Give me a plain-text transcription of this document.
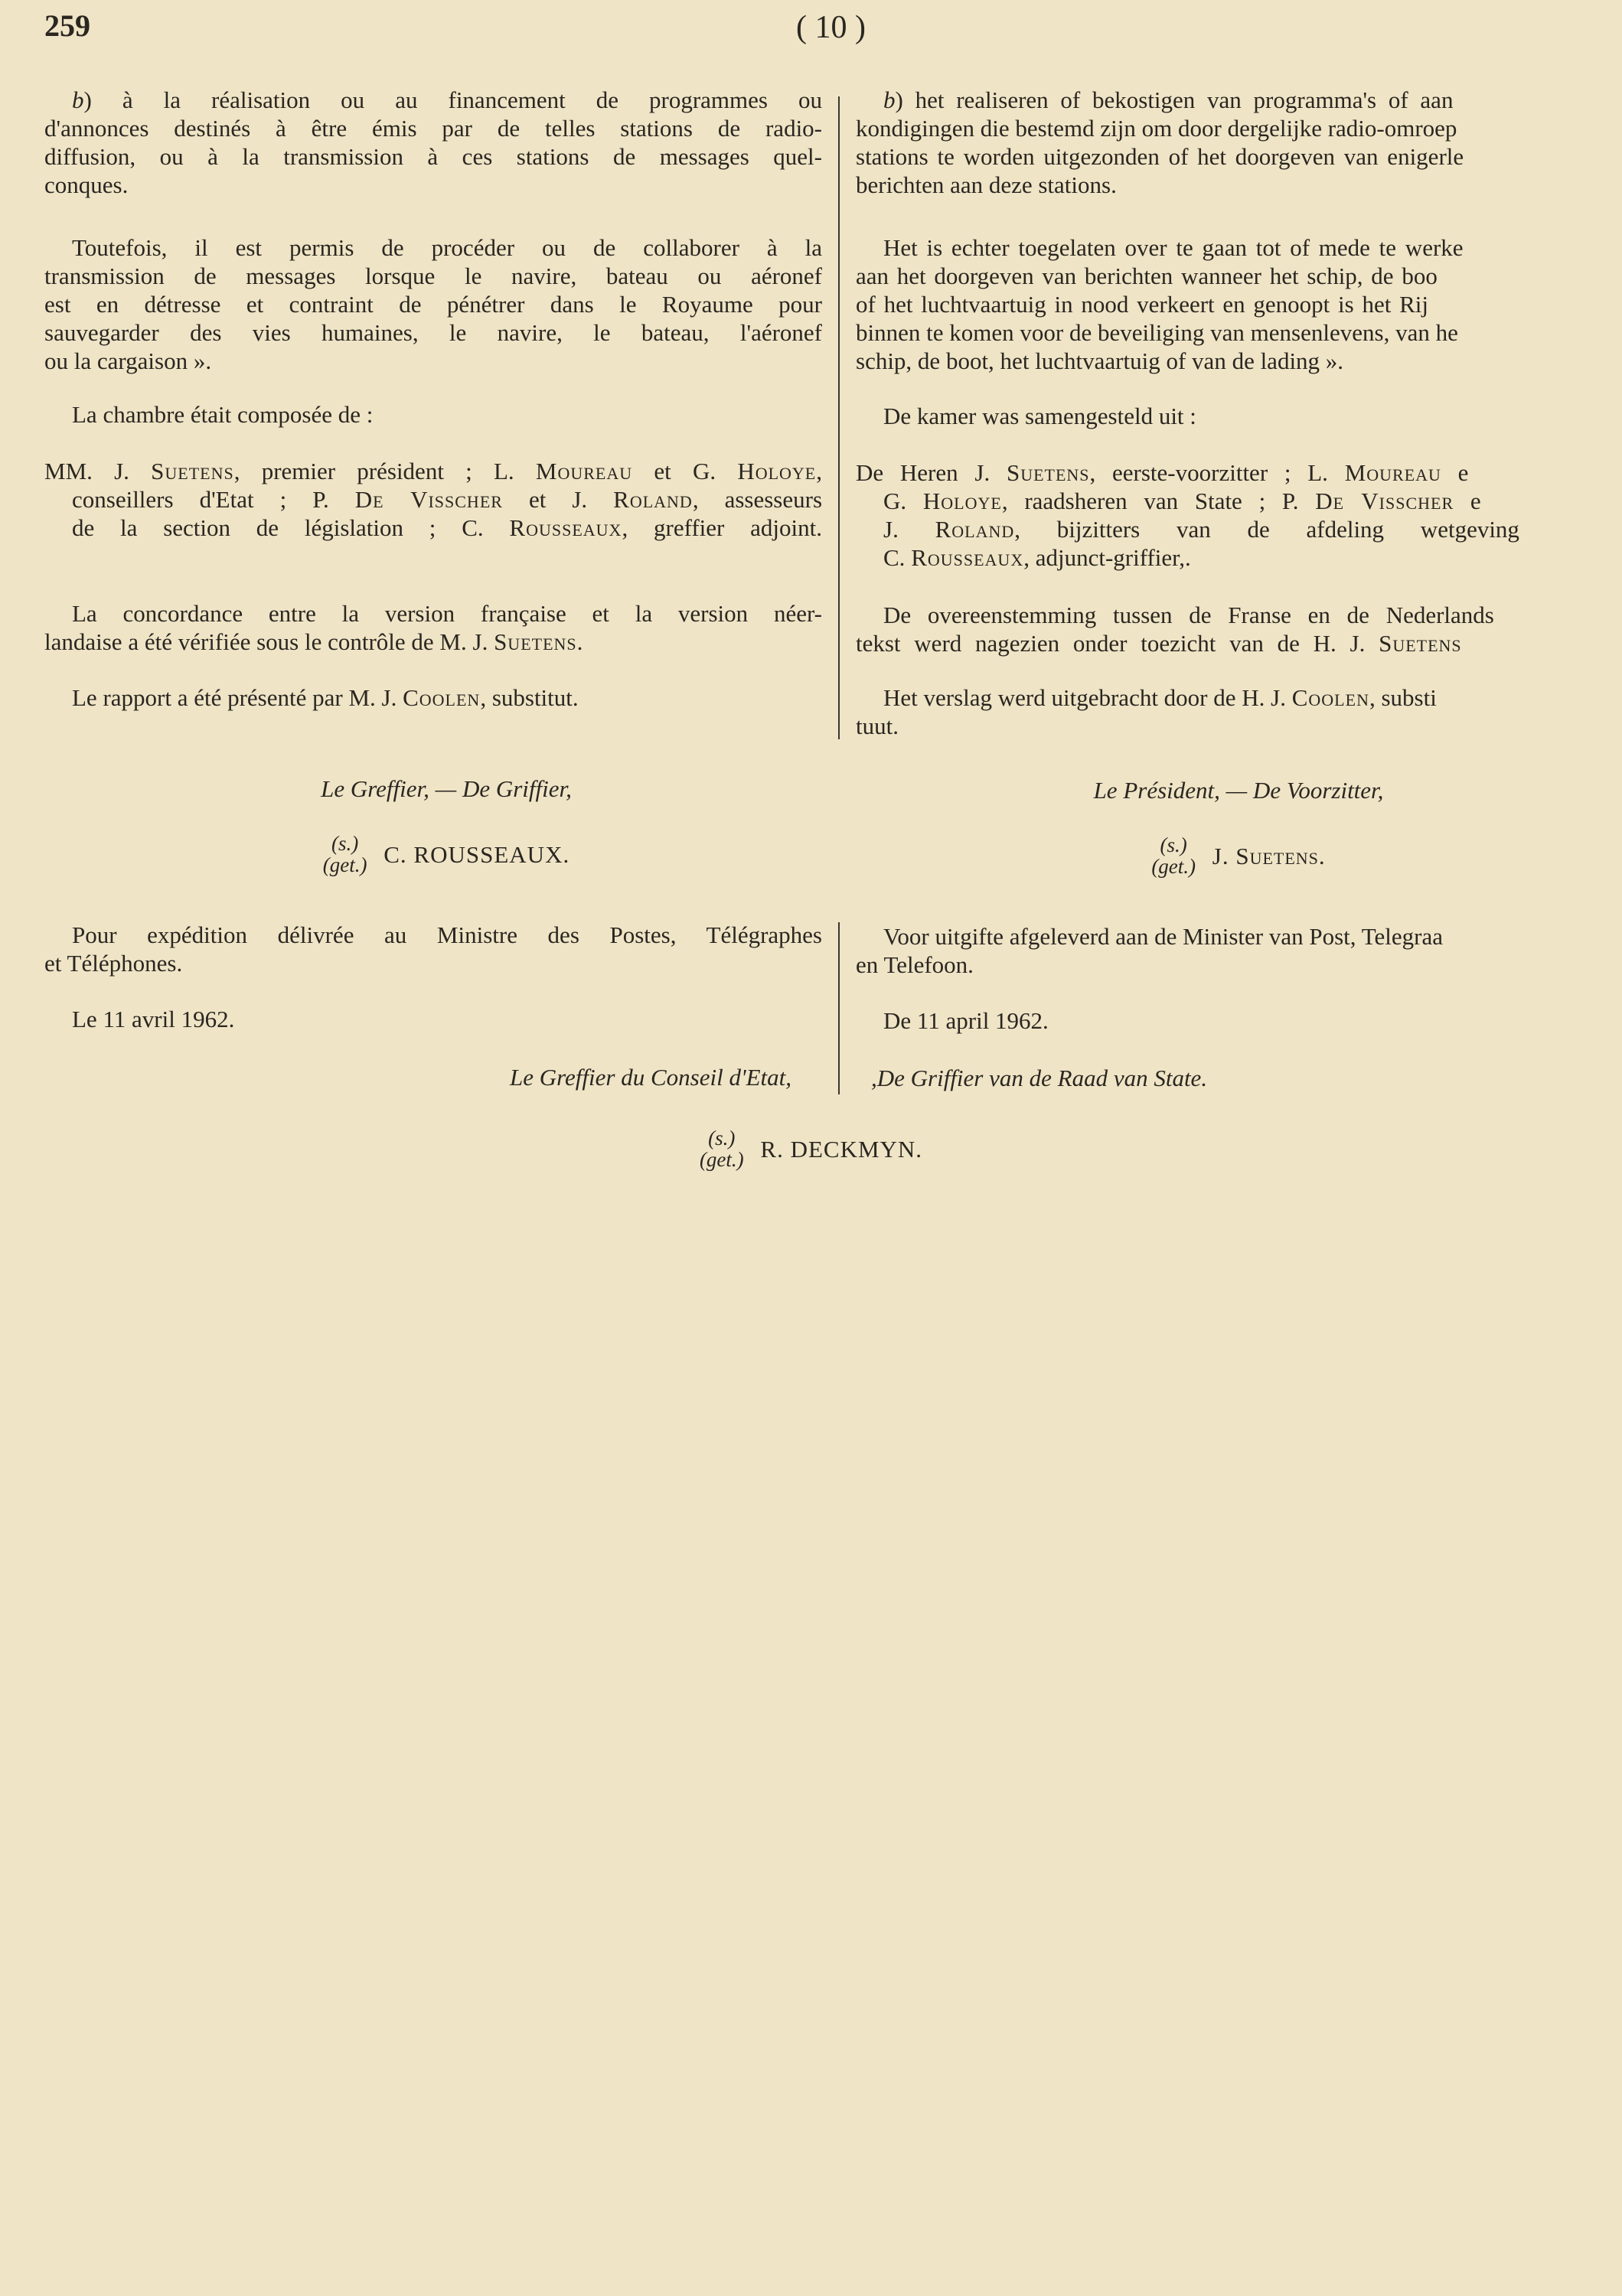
259	( 10 )

b) à la réalisation ou au financement de programmes ou

d'annonces destinés à être émis par de telles stations de radio-

diffusion, ou à la transmission à ces stations de messages quel-

conques.

Toutefois, il est permis de procéder ou de collaborer à la

transmission de messages lorsque le navire, bateau ou aéronef

est en détresse et contraint de pénétrer dans le Royaume pour

sauvegarder des vies humaines, le navire, le bateau, l'aéronef

ou la cargaison ».

La chambre était composée de :

MM. J. Suetens, premier président ; L. Moureau et G. Holoye,

conseillers d'Etat ; P. De Visscher et J. Roland, assesseurs

de la section de législation ; C. Rousseaux, greffier adjoint.

La concordance entre la version française et la version néer-

landaise a été vérifiée sous le contrôle de M. J. Suetens.

Le rapport a été présenté par M. J. Coolen, substitut.

b) het realiseren of bekostigen van programma's of aan

kondigingen die bestemd zijn om door dergelijke radio-omroep

stations te worden uitgezonden of het doorgeven van enigerle

berichten aan deze stations.

Het is echter toegelaten over te gaan tot of mede te werke

aan het doorgeven van berichten wanneer het schip, de boo

of het luchtvaartuig in nood verkeert en genoopt is het Rij

binnen te komen voor de beveiliging van mensenlevens, van he

schip, de boot, het luchtvaartuig of van de lading ».

De kamer was samengesteld uit :

De Heren J. Suetens, eerste-voorzitter ; L. Moureau e

G. Holoye, raadsheren van State ; P. De Visscher e

J. Roland, bijzitters van de afdeling wetgeving

C. Rousseaux, adjunct-griffier,.

De overeenstemming tussen de Franse en de Nederlands

tekst werd nagezien onder toezicht van de H. J. Suetens

Het verslag werd uitgebracht door de H. J. Coolen, substi

tuut.

Le Greffier, — De Griffier,
(s.)
(get.) C. ROUSSEAUX.
Le Président, — De Voorzitter,
(s.)
(get.) J. Suetens.

Pour expédition délivrée au Ministre des Postes, Télégraphes

et Téléphones.

Le 11 avril 1962.

Le Greffier du Conseil d'Etat,

Voor uitgifte afgeleverd aan de Minister van Post, Telegraa

en Telefoon.

De 11 april 1962.

,De Griffier van de Raad van State.

(s.)
(get.) R. DECKMYN.
